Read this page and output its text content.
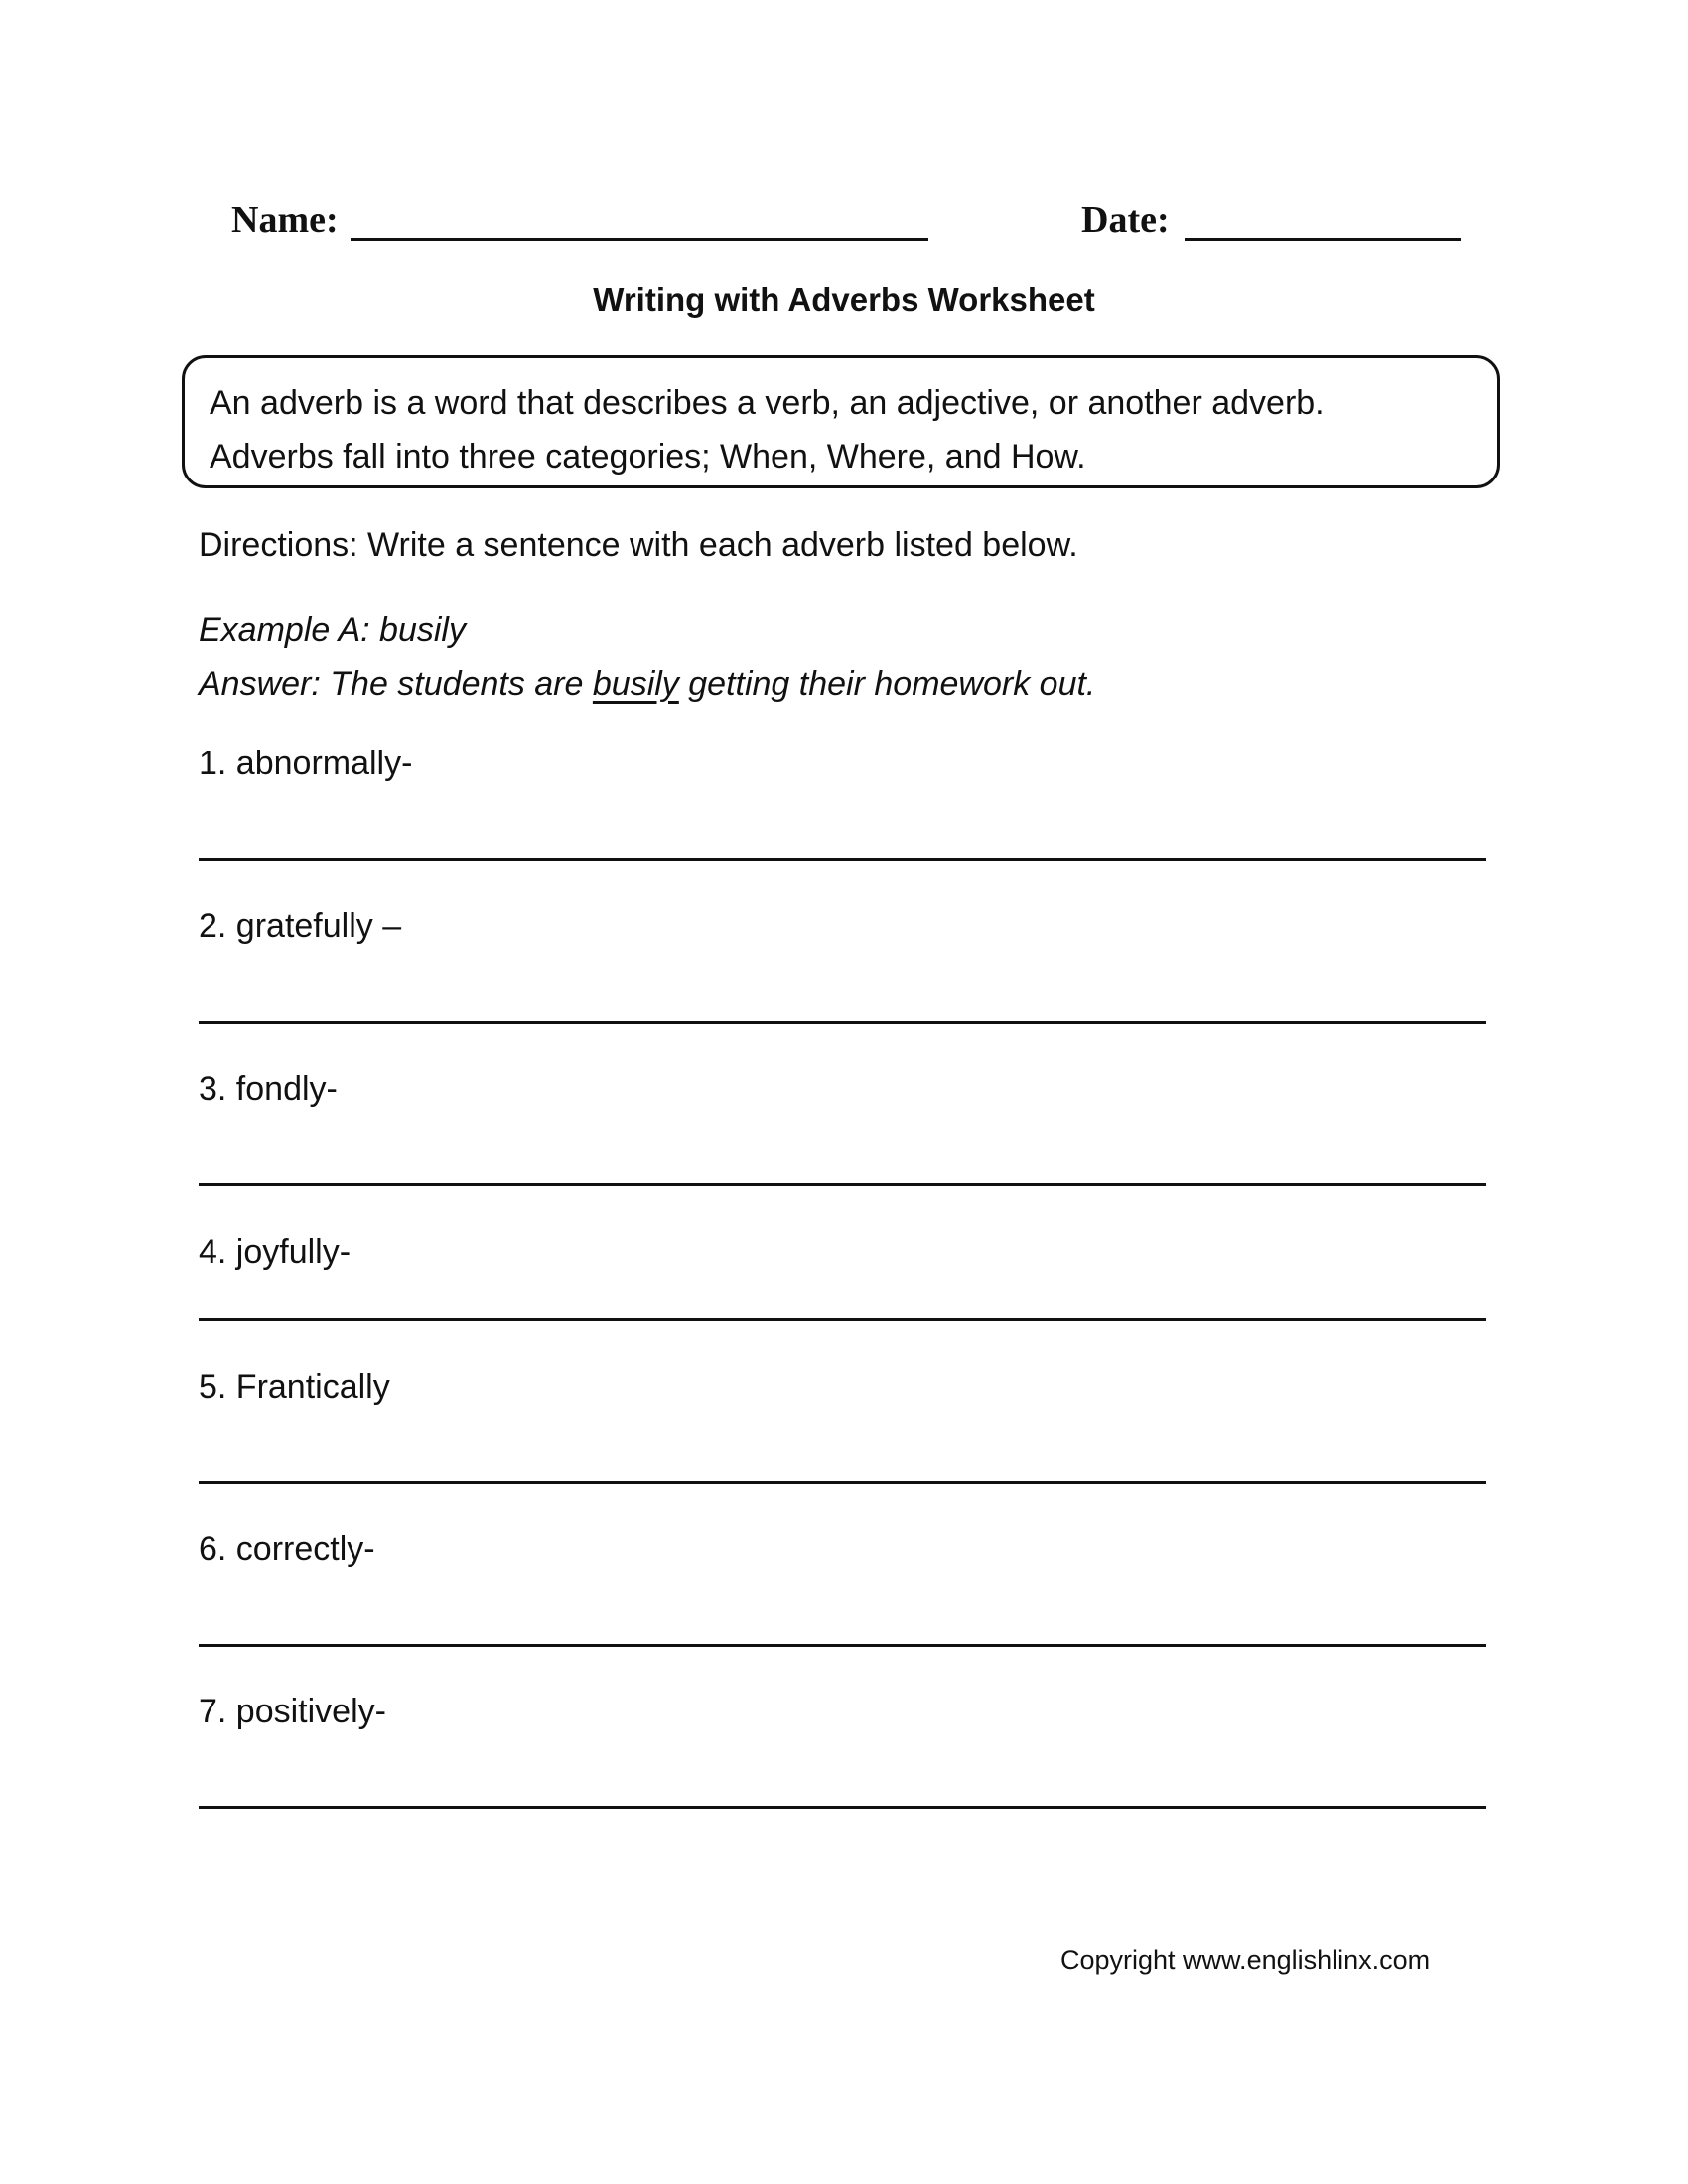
Name:	Date:
Writing with Adverbs Worksheet
An adverb is a word that describes a verb, an adjective, or another adverb.
Adverbs fall into three categories; When, Where, and How.
Directions: Write a sentence with each adverb listed below.
Example A: busily
Answer: The students are busily getting their homework out.
1. abnormally-
2. gratefully –
3. fondly-
4. joyfully-
5. Frantically
6. correctly-
7. positively-
Copyright www.englishlinx.com
